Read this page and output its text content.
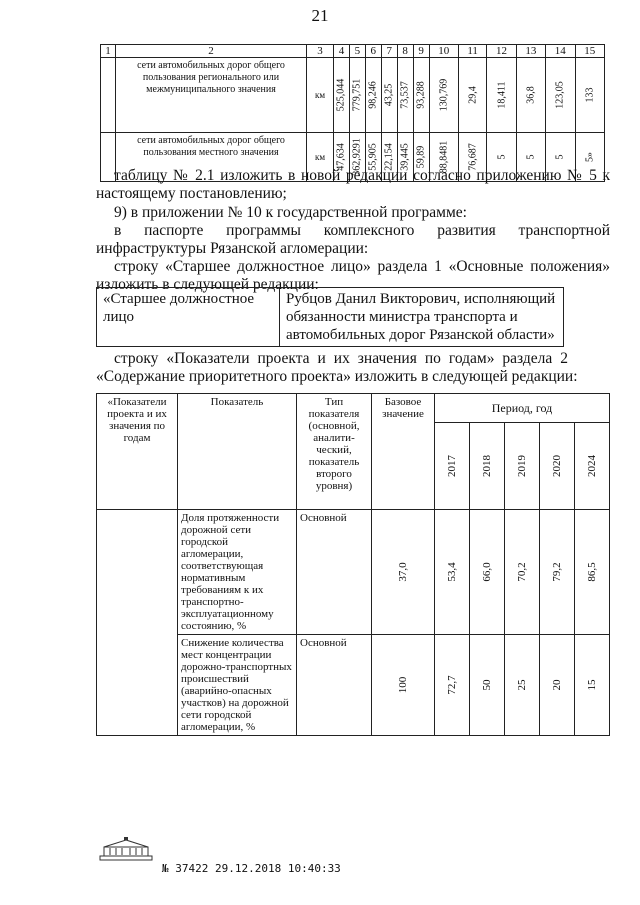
21
1	2	3	4	5	6	7	8	9	10	11	12	13	14	15
	сети автомобильных дорог общего пользования регионального или межмуниципального значения	км	525,044	779,751	98,246	43,25	73,537	93,288	130,769	29,4	18,411	36,8	123,05	133

	сети автомобильных дорог общего пользования местного значения	км	47,634	362,9291	55,905	22,154	39,445	59,89	88,8481	76,687	5	5	5	5»
таблицу № 2.1 изложить в новой редакции согласно приложению № 5 к
настоящему постановлению;
9) в приложении № 10 к государственной программе:
в паспорте программы комплексного развития транспортной
инфраструктуры Рязанской агломерации:
строку «Старшее должностное лицо» раздела 1 «Основные положения»
изложить в следующей редакции:
«Старшее должностное лицо	Рубцов Данил Викторович, исполняющий обязанности министра транспорта и автомобильных дорог Рязанской области»
строку «Показатели проекта и их значения по годам» раздела 2
«Содержание приоритетного проекта» изложить в следующей редакции:
«Показатели проекта и их значения по годам	Показатель	Тип показателя (основной, аналити-ческий, показатель второго уровня)	Базовое значение	Период, год				

				2017	2018	2019	2020	2024

	Доля протяженности дорожной сети городской агломерации, соответствующая нормативным требованиям к их транспортно-эксплуатационному состоянию, %	Основной	37,0	53,4	66,0	70,2	79,2	86,5

	Снижение количества мест концентрации дорожно-транспортных происшествий (аварийно-опасных участков) на дорожной сети городской агломерации, %	Основной	100	72,7	50	25	20	15
№ 37422 29.12.2018 10:40:33
